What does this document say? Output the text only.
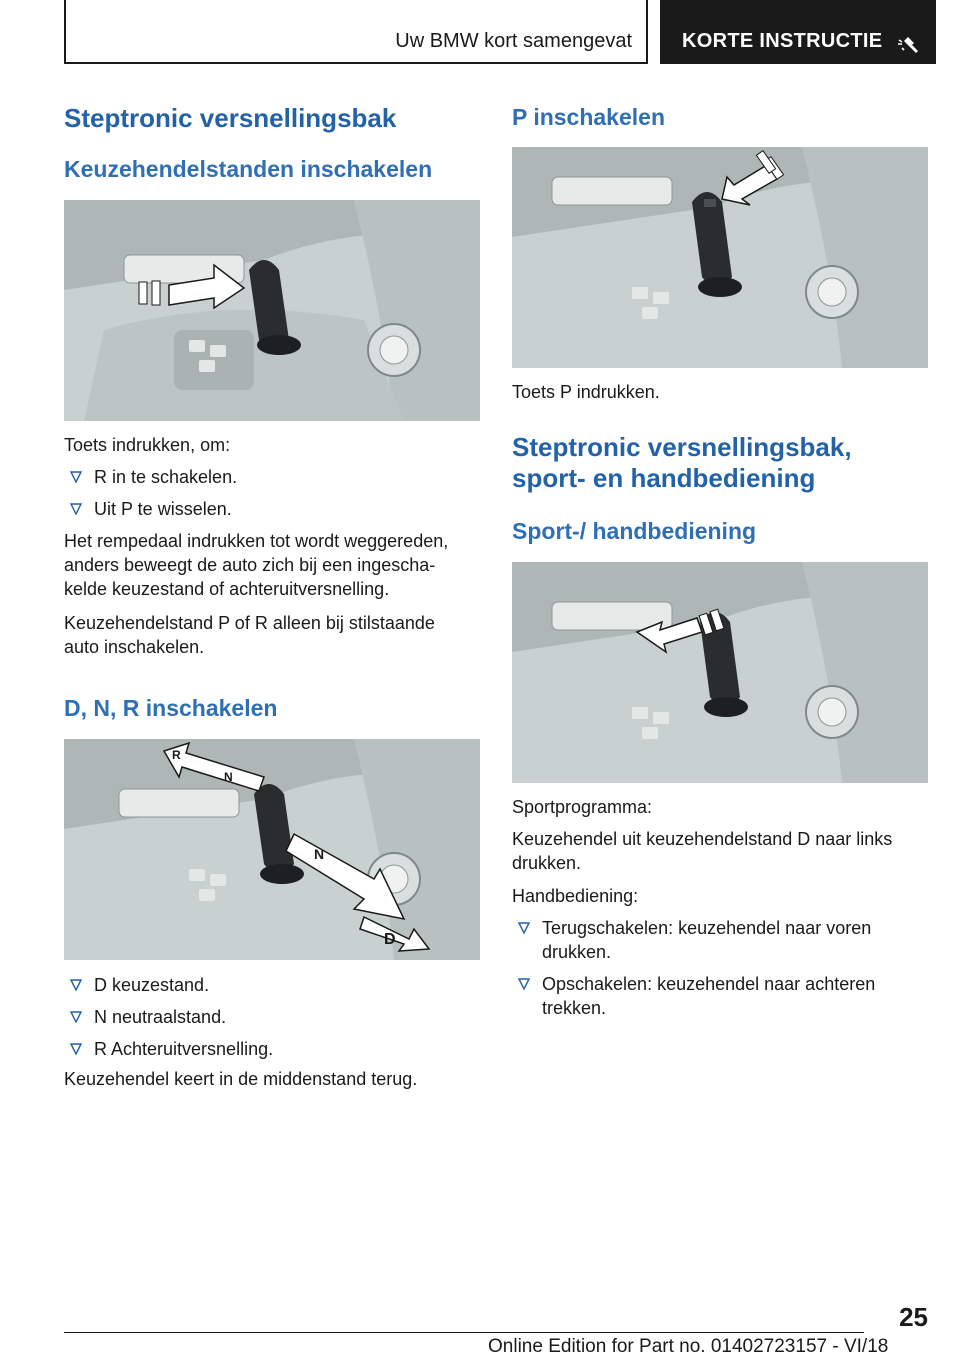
Uw BMW kort samengevat	KORTE INSTRUCTIE
Steptronic versnellingsbak
Keuzehendelstanden inschakelen

Toets indrukken, om:

R in te schakelen.
Uit P te wisselen.

Het rempedaal indrukken tot wordt weggereden,
anders beweegt de auto zich bij een ingescha-
kelde keuzestand of achteruitversnelling.

Keuzehendelstand P of R alleen bij stilstaande
auto inschakelen.

D, N, R inschakelen
R
N
N
D
D keuzestand.
N neutraalstand.
R Achteruitversnelling.

Keuzehendel keert in de middenstand terug.

P inschakelen

Toets P indrukken.

Steptronic versnellingsbak,
sport- en handbediening
Sport-/ handbediening

Sportprogramma:

Keuzehendel uit keuzehendelstand D naar links
drukken.

Handbediening:

Terugschakelen: keuzehendel naar voren
drukken.
Opschakelen: keuzehendel naar achteren
trekken.
25
Online Edition for Part no. 01402723157 - VI/18
